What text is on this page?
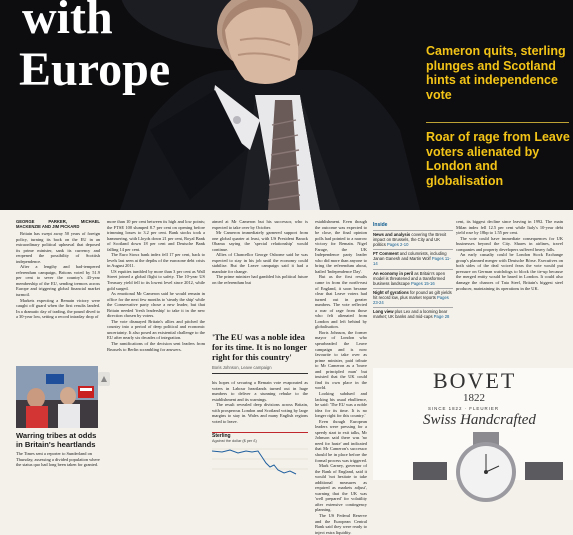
with
Europe	Cameron quits, sterling plunges and Scotland hints at independence vote
Roar of rage from Leave voters alienated by London and globalisation
GEORGE PARKER, MICHAEL MACKENZIE AND JIM PICKARD

Britain has swept away 50 years of foreign policy, turning its back on the EU in an extraordinary political upheaval that deposed its prime minister, sank its currency and reopened the possibility of Scottish independence.

After a lengthy and bad-tempered referendum campaign, Britons voted by 51.9 per cent to sever the country's 43-year membership of the EU, sending tremors across Europe and triggering global financial market turmoil.

Markets expecting a Remain victory were caught off guard when the first results landed. In a dramatic day of trading, the pound dived to a 30-year low, setting a record intraday drop of

Warring tribes at odds in Britain's heartlands
The Times sent a reporter to Sunderland on Thursday, assessing a divided population where the status quo had long been taken for granted.

more than 10 per cent between its high and low points; the FTSE 100 slumped 8.7 per cent on opening before trimming losses to 3.2 per cent. Bank stocks took a hammering, with Lloyds down 21 per cent, Royal Bank of Scotland down 18 per cent and Deutsche Bank falling 14 per cent.

The Euro Stoxx bank index fell 17 per cent, back to levels last seen at the depths of the eurozone debt crisis in August 2011.

US equities tumbled by more than 3 per cent as Wall Street joined a global flight to safety. The 10-year US Treasury yield fell to its lowest level since 2012, while gold surged.

As emotional Mr Cameron said he would remain in office for the next few months to 'steady the ship' while the Conservative party chose a new leader, but that Britain needed 'fresh leadership' to take it in the new direction chosen by voters.

The vote dismayed Britain's allies and pitched the country into a period of deep political and economic uncertainty. It also posed an existential challenge to the EU after nearly six decades of integration.

The ramifications of the decision sent leaders from Brussels to Berlin scrambling for answers.

aimed at Mr Cameron but his successor, who is expected to take over by October.

Mr Cameron immediately garnered support from one global quarter at least, with US President Barack Obama saying the 'special relationship' would continue.

Allies of Chancellor George Osborne said he was expected to stay in his job until the economy could stabilise. But the Leave campaign said it had a mandate for change.

The prime minister had gambled his political future on the referendum but

'The EU was a noble idea for its time. It is no longer right for this country'
Boris Johnson, Leave campaign

his hopes of securing a Remain vote evaporated as voters in Labour heartlands turned out in huge numbers to deliver a stunning rebuke to the establishment and its warnings.

The result revealed deep divisions across Britain, with prosperous London and Scotland voting by large margins to stay in. Wales and many English regions voted to leave.

Sterling
Against the dollar ($ per £)

establishment. Even though the outcome was expected to be close, the final opinion polls had pointed to a narrow victory for Remain. Nigel Farage, the UK Independence party leader who did more than anyone to bring the referendum about, hailed 'Independence Day'.

But as the first results came in from the north-east of England, it soon became clear that Leave voters had turned out in greater numbers. The vote reflected a roar of rage from those who felt alienated from London and left behind by globalisation.

Boris Johnson, the former mayor of London who spearheaded the Leave campaign and is now favourite to take over as prime minister, paid tribute to Mr Cameron as a 'brave and principled man' but insisted that the UK could find its own place in the world.

Looking subdued and lacking his usual ebullience, he said: 'The EU was a noble idea for its time. It is no longer right for this country.'

Even though European leaders were pressing for a speedy start to exit talks, Mr Johnson said there was 'no need for haste' and indicated that Mr Cameron's successor should be in place before the formal process was triggered.

Mark Carney, governor of the Bank of England, said it would 'not hesitate to take additional measures as required as markets adjust', warning that the UK was 'well prepared' for volatility after extensive contingency planning.

The US Federal Reserve and the European Central Bank said they were ready to inject extra liquidity.

Inside
News and analysis covering the Brexit impact on Brussels, the City and UK politics Pages 2-10
FT Comment and columnists, including Janan Ganesh and Martin Wolf Pages 11-14
An economy in peril as Britain's open model is threatened and a transformed business landscape Pages 15-16
Night of gyrations for pound as gilt yields hit record low, plus market reports Pages 23-24
Long view plus Lex and a looming bear market; UK banks and mid-caps Page 28

cent, its biggest decline since leaving in 1992. The main Milan index fell 12.5 per cent while Italy's 10-year debt yield rose by 18bp to 1.55 per cent.

The vote could have immediate consequences for UK businesses beyond the City. Shares in airlines, travel companies and property developers suffered heavy falls.

An early casualty could be London Stock Exchange group's planned merger with Deutsche Börse. Executives on both sides of the deal voiced fears the vote would put pressure on German watchdogs to block the tie-up because the merged entity would be based in London. It could also damage the chances of Tata Steel, Britain's biggest steel producer, maintaining its operations in the UK.

BOVET
1822
SINCE 1822 · FLEURIER
Swiss Handcrafted
